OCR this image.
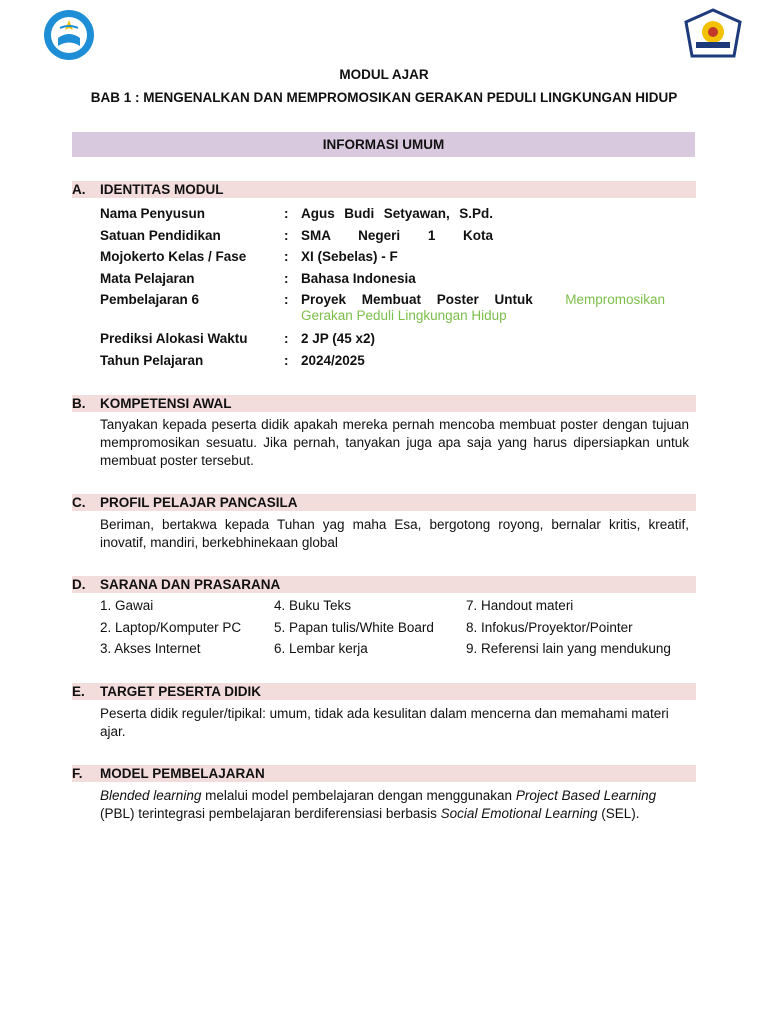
MODUL AJAR
BAB 1 : MENGENALKAN DAN MEMPROMOSIKAN GERAKAN PEDULI LINGKUNGAN HIDUP
INFORMASI UMUM
A. IDENTITAS MODUL
Nama Penyusun	: Agus Budi Setyawan, S.Pd.
Satuan Pendidikan	: SMA Negeri 1 Kota
Mojokerto Kelas / Fase	: XI (Sebelas) - F
Mata Pelajaran	: Bahasa Indonesia
Pembelajaran 6	: Proyek Membuat Poster Untuk Mempromosikan
Gerakan Peduli Lingkungan Hidup
Prediksi Alokasi Waktu	: 2 JP (45 x2)
Tahun Pelajaran	: 2024/2025
B. KOMPETENSI AWAL
Tanyakan kepada peserta didik apakah mereka pernah mencoba membuat poster dengan tujuan mempromosikan sesuatu. Jika pernah, tanyakan juga apa saja yang harus dipersiapkan untuk membuat poster tersebut.
C. PROFIL PELAJAR PANCASILA
Beriman, bertakwa kepada Tuhan yag maha Esa, bergotong royong, bernalar kritis, kreatif, inovatif, mandiri, berkebhinekaan global
D. SARANA DAN PRASARANA
1. Gawai
2. Laptop/Komputer PC
3. Akses Internet
4. Buku Teks
5. Papan tulis/White Board
6. Lembar kerja
7. Handout materi
8. Infokus/Proyektor/Pointer
9. Referensi lain yang mendukung
E. TARGET PESERTA DIDIK
Peserta didik reguler/tipikal: umum, tidak ada kesulitan dalam mencerna dan memahami materi ajar.
F. MODEL PEMBELAJARAN
Blended learning melalui model pembelajaran dengan menggunakan Project Based Learning (PBL) terintegrasi pembelajaran berdiferensiasi berbasis Social Emotional Learning (SEL).
